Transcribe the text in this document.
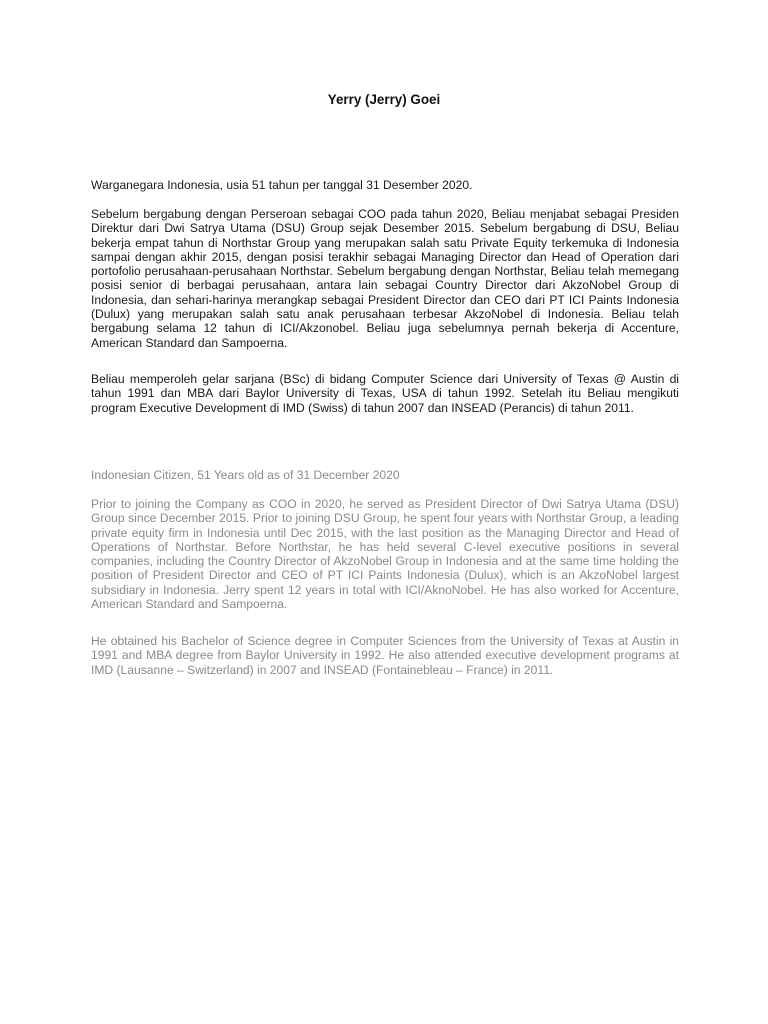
Yerry (Jerry) Goei

Warganegara Indonesia, usia 51 tahun per tanggal 31 Desember 2020.

Sebelum bergabung dengan Perseroan sebagai COO pada tahun 2020, Beliau menjabat sebagai Presiden Direktur dari Dwi Satrya Utama (DSU) Group sejak Desember 2015. Sebelum bergabung di DSU, Beliau bekerja empat tahun di Northstar Group yang merupakan salah satu Private Equity terkemuka di Indonesia sampai dengan akhir 2015, dengan posisi terakhir sebagai Managing Director dan Head of Operation dari portofolio perusahaan-perusahaan Northstar. Sebelum bergabung dengan Northstar, Beliau telah memegang posisi senior di berbagai perusahaan, antara lain sebagai Country Director dari AkzoNobel Group di Indonesia, dan sehari-harinya merangkap sebagai President Director dan CEO dari PT ICI Paints Indonesia (Dulux) yang merupakan salah satu anak perusahaan terbesar AkzoNobel di Indonesia. Beliau telah bergabung selama 12 tahun di ICI/Akzonobel. Beliau juga sebelumnya pernah bekerja di Accenture, American Standard dan Sampoerna.

Beliau memperoleh gelar sarjana (BSc) di bidang Computer Science dari University of Texas @ Austin di tahun 1991 dan MBA dari Baylor University di Texas, USA di tahun 1992. Setelah itu Beliau mengikuti program Executive Development di IMD (Swiss) di tahun 2007 dan INSEAD (Perancis) di tahun 2011.

Indonesian Citizen, 51 Years old as of 31 December 2020

Prior to joining the Company as COO in 2020, he served as President Director of Dwi Satrya Utama (DSU) Group since December 2015. Prior to joining DSU Group, he spent four years with Northstar Group, a leading private equity firm in Indonesia until Dec 2015, with the last position as the Managing Director and Head of Operations of Northstar. Before Northstar, he has held several C-level executive positions in several companies, including the Country Director of AkzoNobel Group in Indonesia and at the same time holding the position of President Director and CEO of PT ICI Paints Indonesia (Dulux), which is an AkzoNobel largest subsidiary in Indonesia. Jerry spent 12 years in total with ICI/AknoNobel. He has also worked for Accenture, American Standard and Sampoerna.

He obtained his Bachelor of Science degree in Computer Sciences from the University of Texas at Austin in 1991 and MBA degree from Baylor University in 1992. He also attended executive development programs at IMD (Lausanne – Switzerland) in 2007 and INSEAD (Fontainebleau – France) in 2011.
